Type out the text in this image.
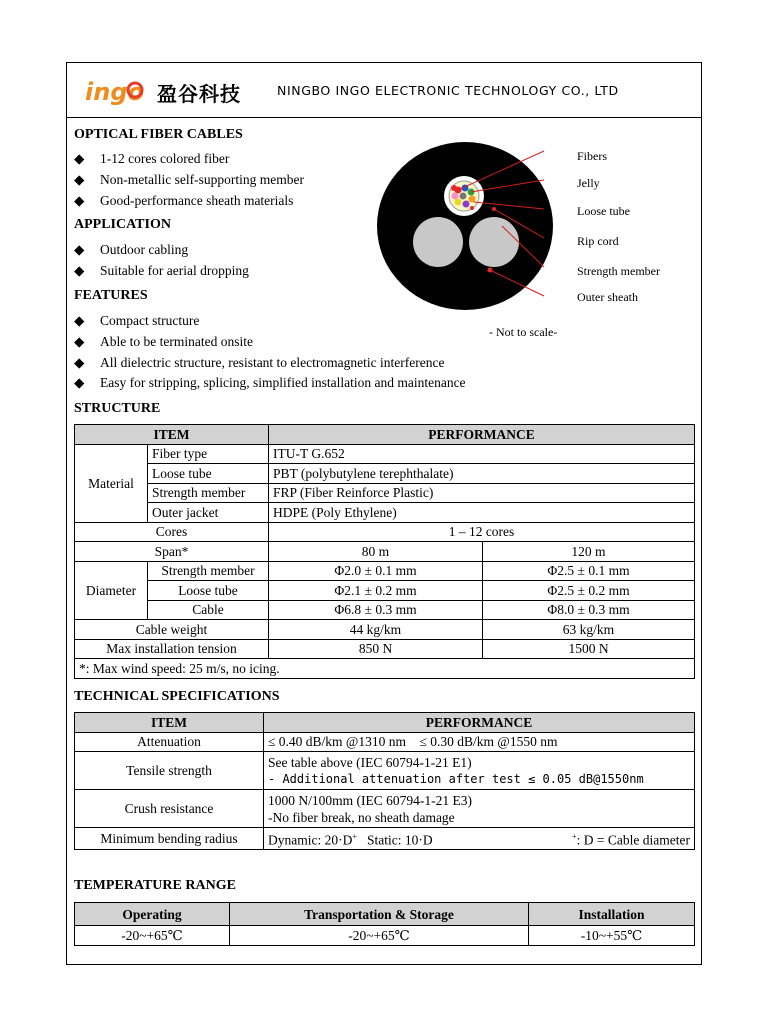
ingo 盈谷科技	NINGBO INGO ELECTRONIC TECHNOLOGY CO., LTD
OPTICAL FIBER CABLES
◆ 1-12 cores colored fiber
◆ Non-metallic self-supporting member
◆ Good-performance sheath materials
APPLICATION
◆ Outdoor cabling
◆ Suitable for aerial dropping
FEATURES
◆ Compact structure
◆ Able to be terminated onsite
◆ All dielectric structure, resistant to electromagnetic interference
◆ Easy for stripping, splicing, simplified installation and maintenance
Fibers
Jelly
Loose tube
Rip cord
Strength member
Outer sheath
- Not to scale-
STRUCTURE
ITEM		PERFORMANCE	
Material	Fiber type	ITU-T G.652	
	Loose tube	PBT (polybutylene terephthalate)	
	Strength member	FRP (Fiber Reinforce Plastic)	
	Outer jacket	HDPE (Poly Ethylene)	
Cores		1 – 12 cores	
Span*		80 m	120 m
Diameter	Strength member	Φ2.0 ± 0.1 mm	Φ2.5 ± 0.1 mm
	Loose tube	Φ2.1 ± 0.2 mm	Φ2.5 ± 0.2 mm
	Cable	Φ6.8 ± 0.3 mm	Φ8.0 ± 0.3 mm
Cable weight		44 kg/km	63 kg/km
Max installation tension		850 N	1500 N
*: Max wind speed: 25 m/s, no icing.			
TECHNICAL SPECIFICATIONS
ITEM	PERFORMANCE
Attenuation	≤ 0.40 dB/km @1310 nm    ≤ 0.30 dB/km @1550 nm
Tensile strength	See table above (IEC 60794-1-21 E1)
- Additional attenuation after test ≤ 0.05 dB@1550nm

Crush resistance	1000 N/100mm (IEC 60794-1-21 E3)
-No fiber break, no sheath damage

Minimum bending radius	Dynamic: 20·D+ Static: 10·D +: D = Cable diameter
TEMPERATURE RANGE
Operating	Transportation & Storage	Installation
-20~+65℃	-20~+65℃	-10~+55℃
